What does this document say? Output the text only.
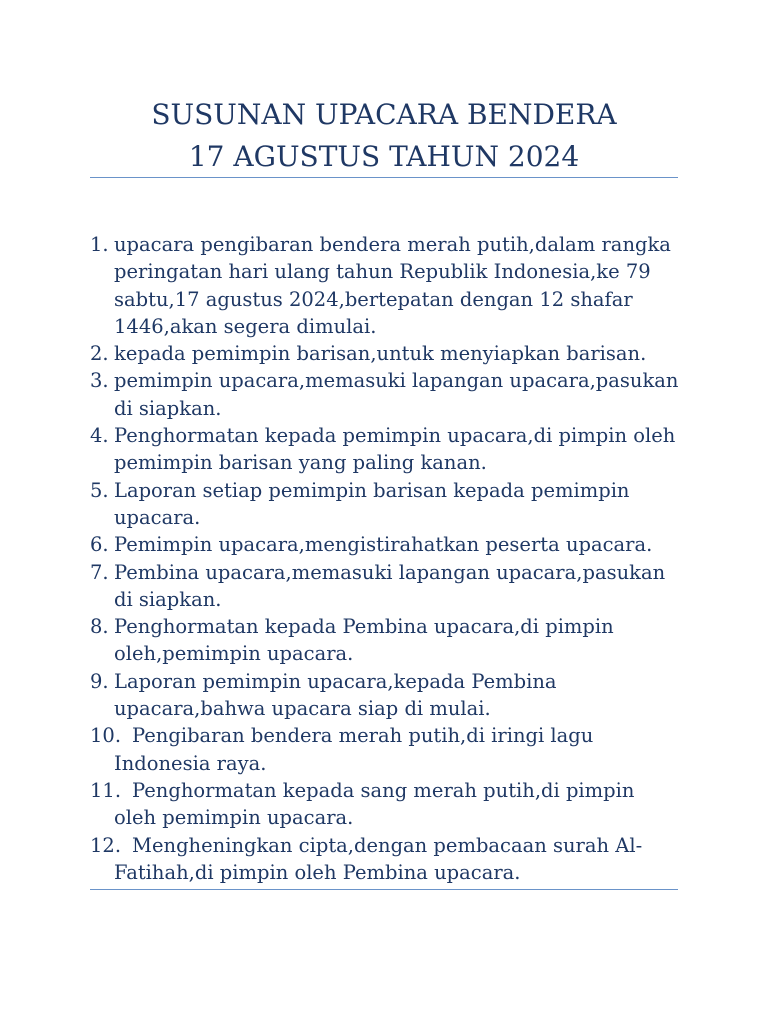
SUSUNAN UPACARA BENDERA
17 AGUSTUS TAHUN 2024
1. upacara pengibaran bendera merah putih,dalam rangka
peringatan hari ulang tahun Republik Indonesia,ke 79
sabtu,17 agustus 2024,bertepatan dengan 12 shafar
1446,akan segera dimulai.
2. kepada pemimpin barisan,untuk menyiapkan barisan.
3. pemimpin upacara,memasuki lapangan upacara,pasukan
di siapkan.
4. Penghormatan kepada pemimpin upacara,di pimpin oleh
pemimpin barisan yang paling kanan.
5. Laporan setiap pemimpin barisan kepada pemimpin
upacara.
6. Pemimpin upacara,mengistirahatkan peserta upacara.
7. Pembina upacara,memasuki lapangan upacara,pasukan
di siapkan.
8. Penghormatan kepada Pembina upacara,di pimpin
oleh,pemimpin upacara.
9. Laporan pemimpin upacara,kepada Pembina
upacara,bahwa upacara siap di mulai.
10. Pengibaran bendera merah putih,di iringi lagu
Indonesia raya.
11. Penghormatan kepada sang merah putih,di pimpin
oleh pemimpin upacara.
12. Mengheningkan cipta,dengan pembacaan surah Al-
Fatihah,di pimpin oleh Pembina upacara.
